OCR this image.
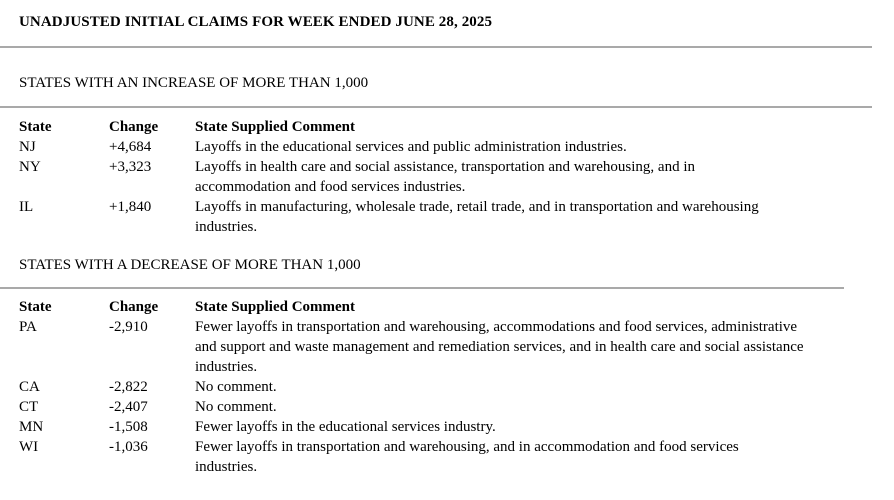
UNADJUSTED INITIAL CLAIMS FOR WEEK ENDED JUNE 28, 2025
STATES WITH AN INCREASE OF MORE THAN 1,000
State	Change	State Supplied Comment
NJ	+4,684	Layoffs in the educational services and public administration industries.
NY	+3,323	Layoffs in health care and social assistance, transportation and warehousing, and in accommodation and food services industries.

IL	+1,840	Layoffs in manufacturing, wholesale trade, retail trade, and in transportation and warehousing industries.
STATES WITH A DECREASE OF MORE THAN 1,000
State	Change	State Supplied Comment
PA	-2,910	Fewer layoffs in transportation and warehousing, accommodations and food services, administrative and support and waste management and remediation services, and in health care and social assistance industries.

CA	-2,822	No comment.
CT	-2,407	No comment.
MN	-1,508	Fewer layoffs in the educational services industry.
WI	-1,036	Fewer layoffs in transportation and warehousing, and in accommodation and food services industries.
